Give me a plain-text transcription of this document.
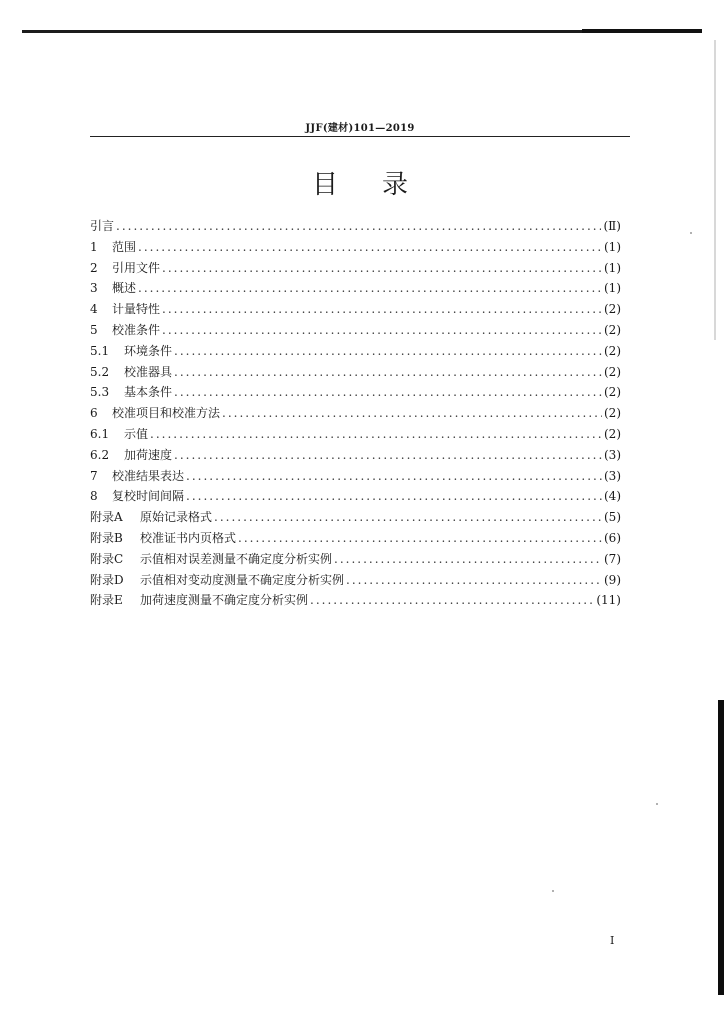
JJF(建材)101—2019
目录
引言 .....	(Ⅱ)
1	范围 .....	(1)
2	引用文件 .....	(1)
3	概述 .....	(1)
4	计量特性 .....	(2)
5	校准条件 .....	(2)
5.1	环境条件 .....	(2)
5.2	校准器具 .....	(2)
5.3	基本条件 .....	(2)
6	校准项目和校准方法 .....	(2)
6.1	示值 .....	(2)
6.2	加荷速度 .....	(3)
7	校准结果表达 .....	(3)
8	复校时间间隔 .....	(4)
附录A	原始记录格式 .....	(5)
附录B	校准证书内页格式 .....	(6)
附录C	示值相对误差测量不确定度分析实例 .....	(7)
附录D	示值相对变动度测量不确定度分析实例 .....	(9)
附录E	加荷速度测量不确定度分析实例 .....	(11)
I
